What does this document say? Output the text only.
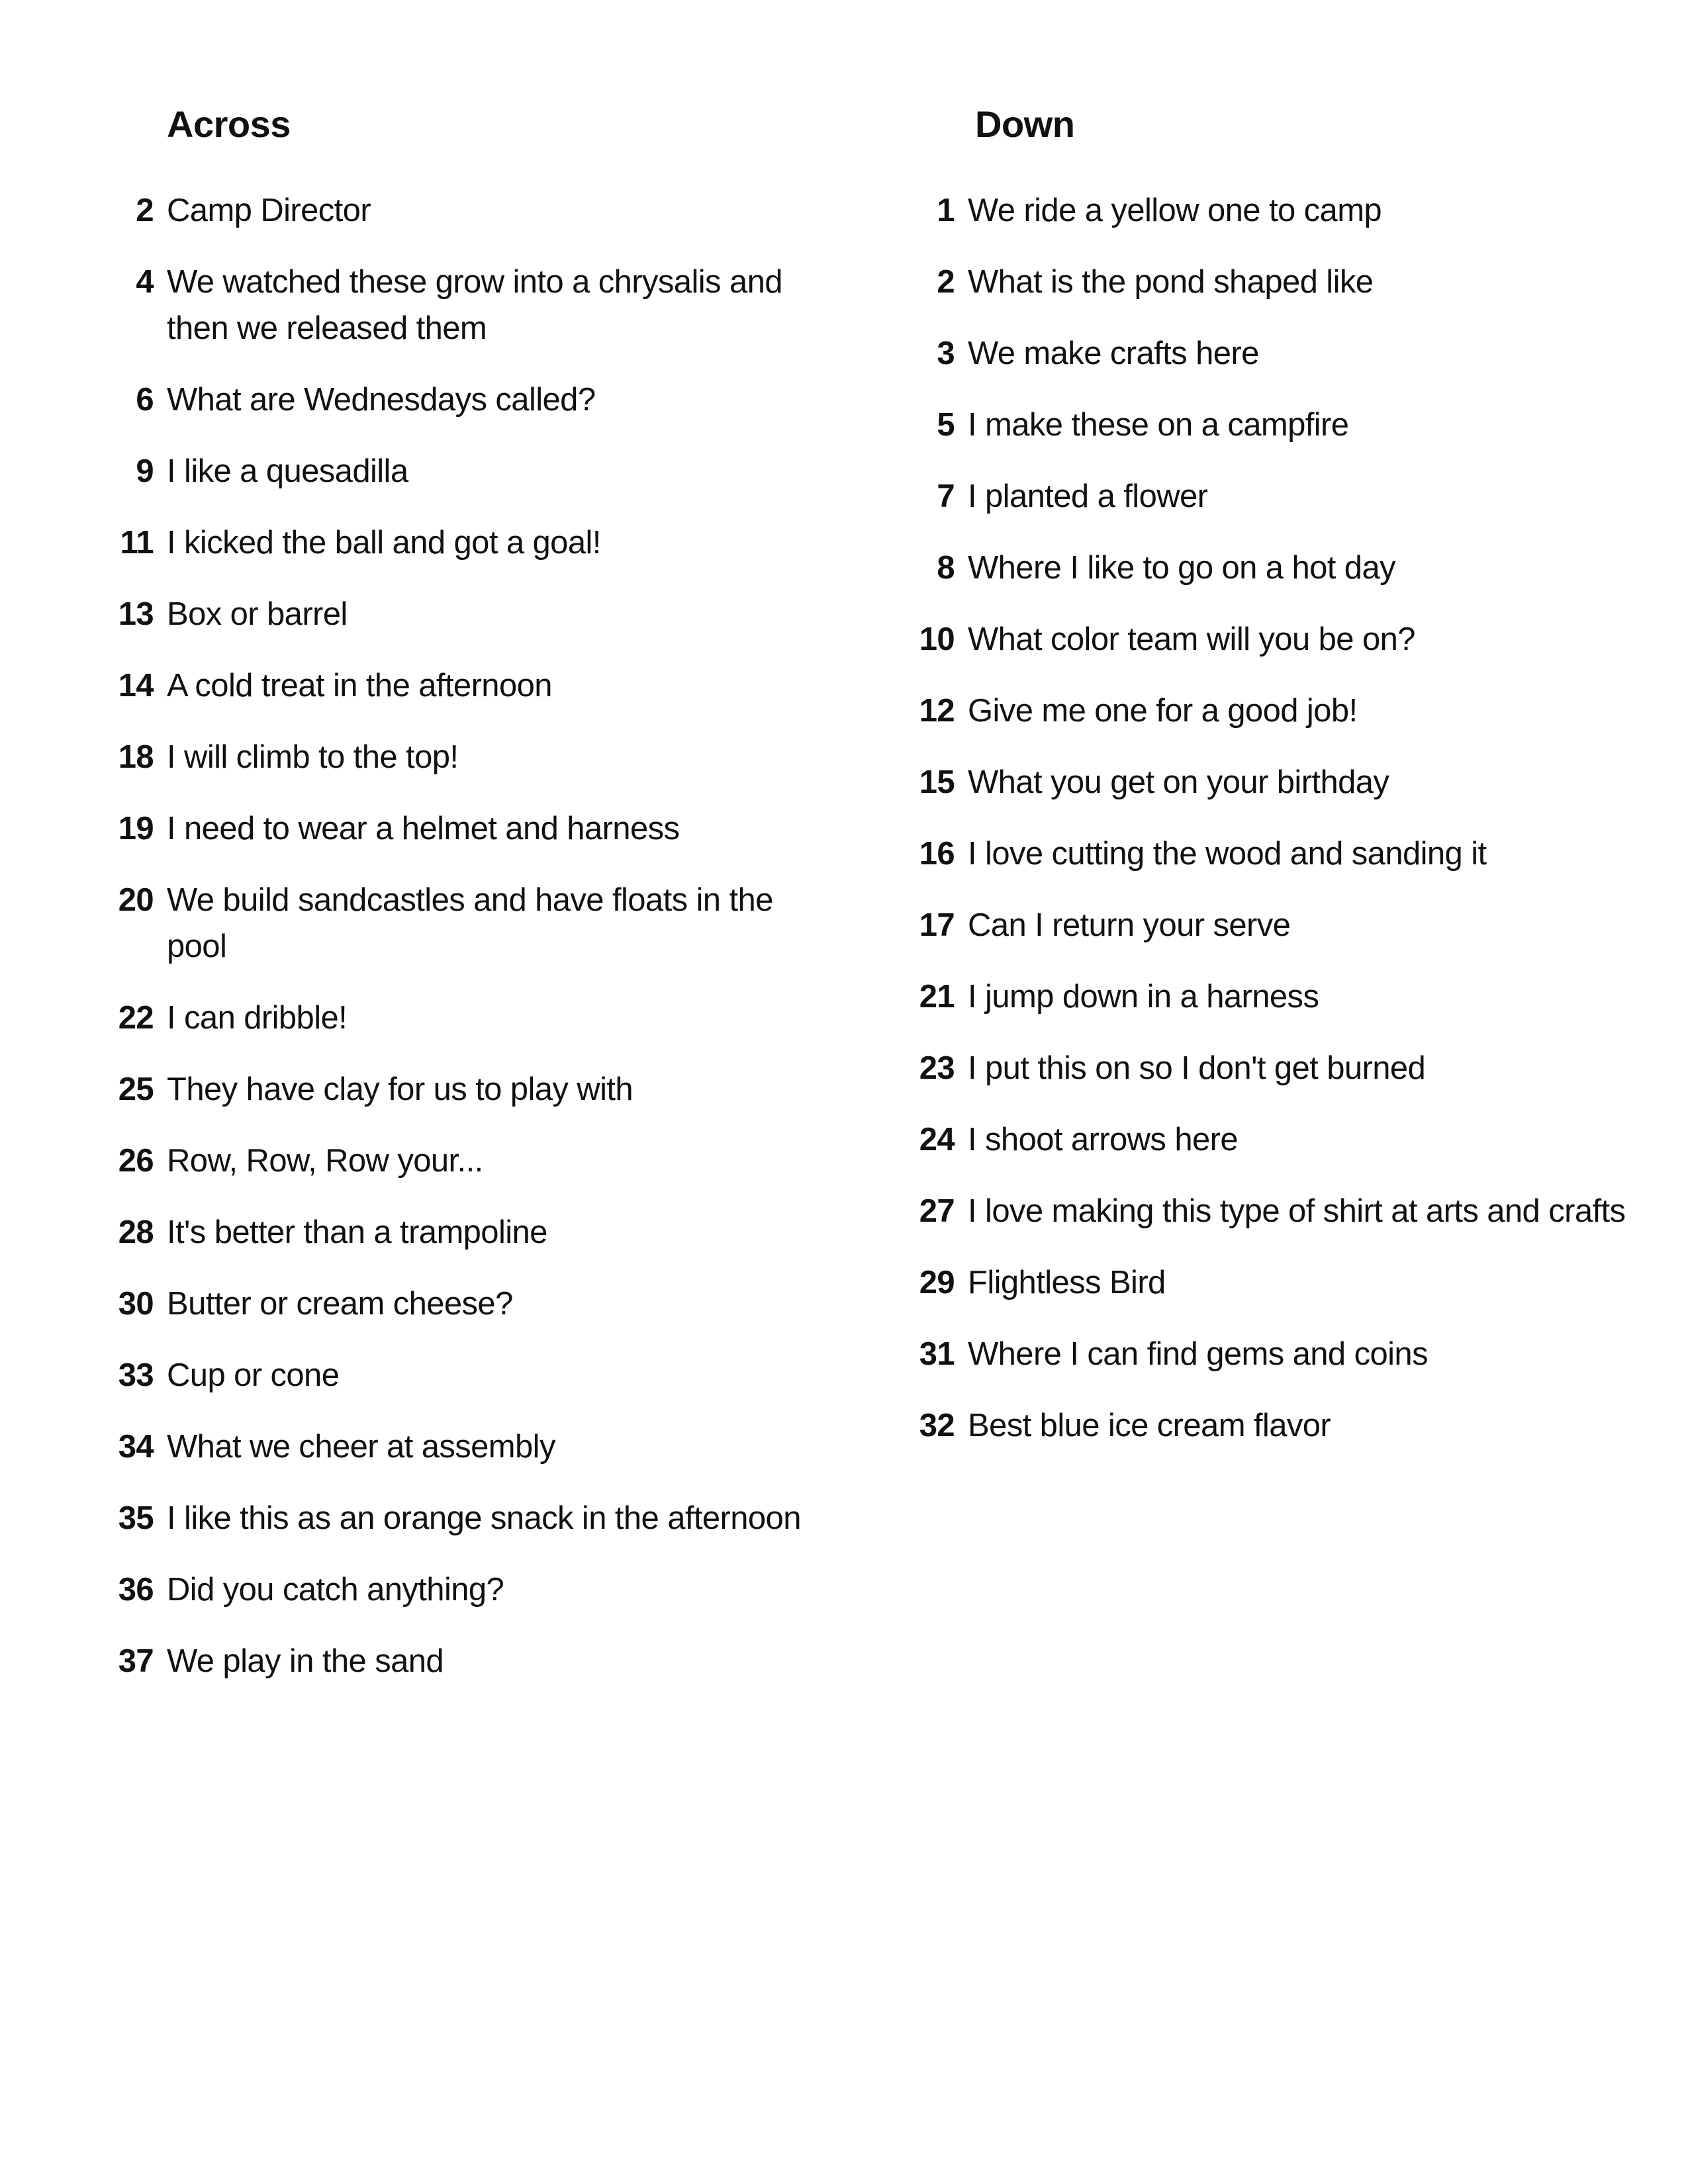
Across
2 Camp Director
4 We watched these grow into a chrysalis and then we released them
6 What are Wednesdays called?
9 I like a quesadilla
11 I kicked the ball and got a goal!
13 Box or barrel
14 A cold treat in the afternoon
18 I will climb to the top!
19 I need to wear a helmet and harness
20 We build sandcastles and have floats in the pool
22 I can dribble!
25 They have clay for us to play with
26 Row, Row, Row your...
28 It's better than a trampoline
30 Butter or cream cheese?
33 Cup or cone
34 What we cheer at assembly
35 I like this as an orange snack in the afternoon
36 Did you catch anything?
37 We play in the sand
Down
1 We ride a yellow one to camp
2 What is the pond shaped like
3 We make crafts here
5 I make these on a campfire
7 I planted a flower
8 Where I like to go on a hot day
10 What color team will you be on?
12 Give me one for a good job!
15 What you get on your birthday
16 I love cutting the wood and sanding it
17 Can I return your serve
21 I jump down in a harness
23 I put this on so I don't get burned
24 I shoot arrows here
27 I love making this type of shirt at arts and crafts
29 Flightless Bird
31 Where I can find gems and coins
32 Best blue ice cream flavor
